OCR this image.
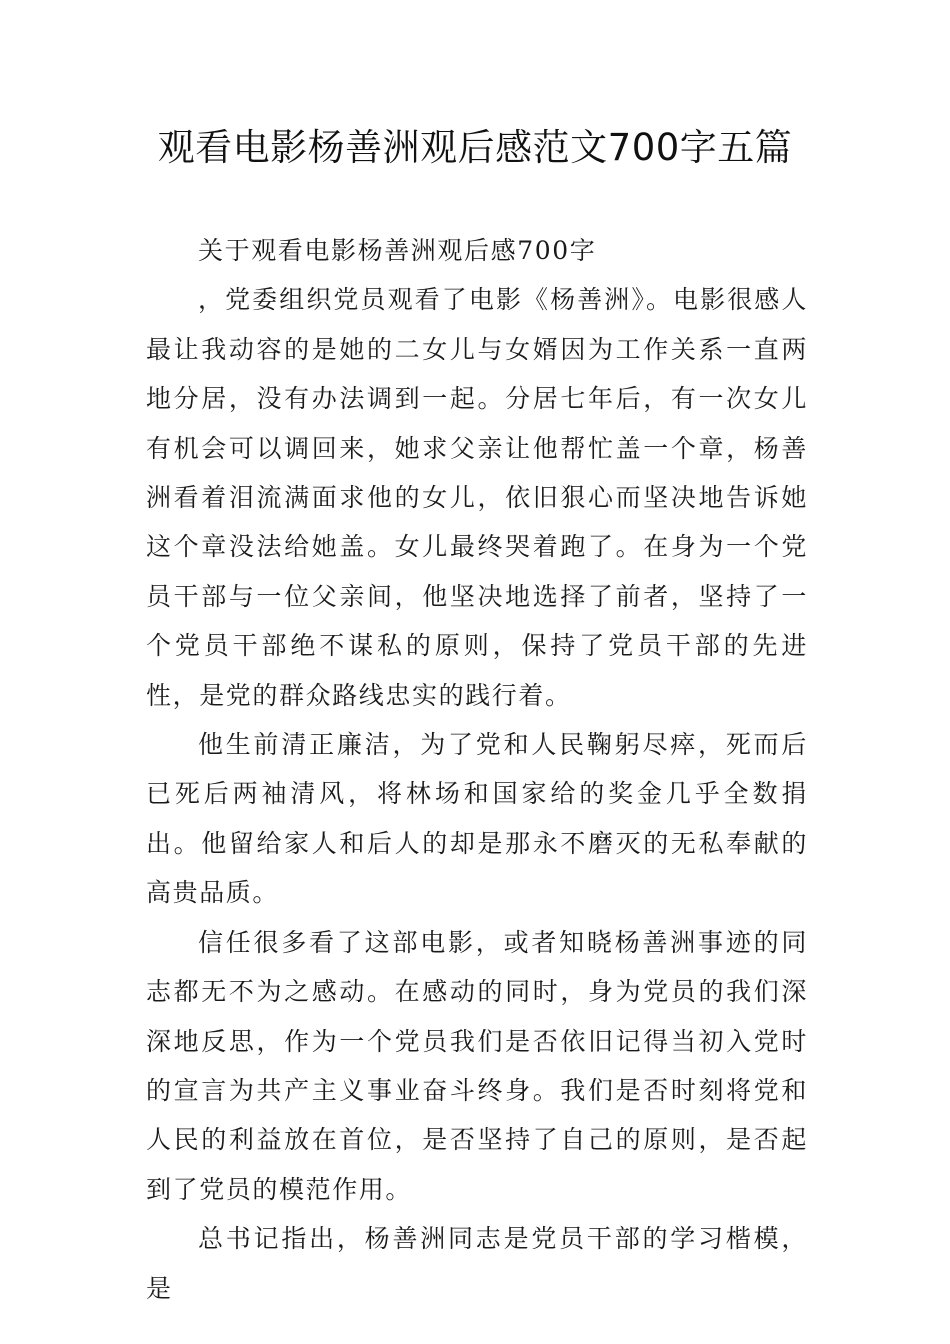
观看电影杨善洲观后感范文700字五篇

关于观看电影杨善洲观后感700字

，党委组织党员观看了电影《杨善洲》。电影很感人最让我动容的是她的二女儿与女婿因为工作关系一直两地分居，没有办法调到一起。分居七年后，有一次女儿有机会可以调回来，她求父亲让他帮忙盖一个章，杨善洲看着泪流满面求他的女儿，依旧狠心而坚决地告诉她这个章没法给她盖。女儿最终哭着跑了。在身为一个党员干部与一位父亲间，他坚决地选择了前者，坚持了一个党员干部绝不谋私的原则，保持了党员干部的先进性，是党的群众路线忠实的践行着。

他生前清正廉洁，为了党和人民鞠躬尽瘁，死而后已死后两袖清风，将林场和国家给的奖金几乎全数捐出。他留给家人和后人的却是那永不磨灭的无私奉献的高贵品质。

信任很多看了这部电影，或者知晓杨善洲事迹的同志都无不为之感动。在感动的同时，身为党员的我们深深地反思，作为一个党员我们是否依旧记得当初入党时的宣言为共产主义事业奋斗终身。我们是否时刻将党和人民的利益放在首位，是否坚持了自己的原则，是否起到了党员的模范作用。

总书记指出，杨善洲同志是党员干部的学习楷模，是
